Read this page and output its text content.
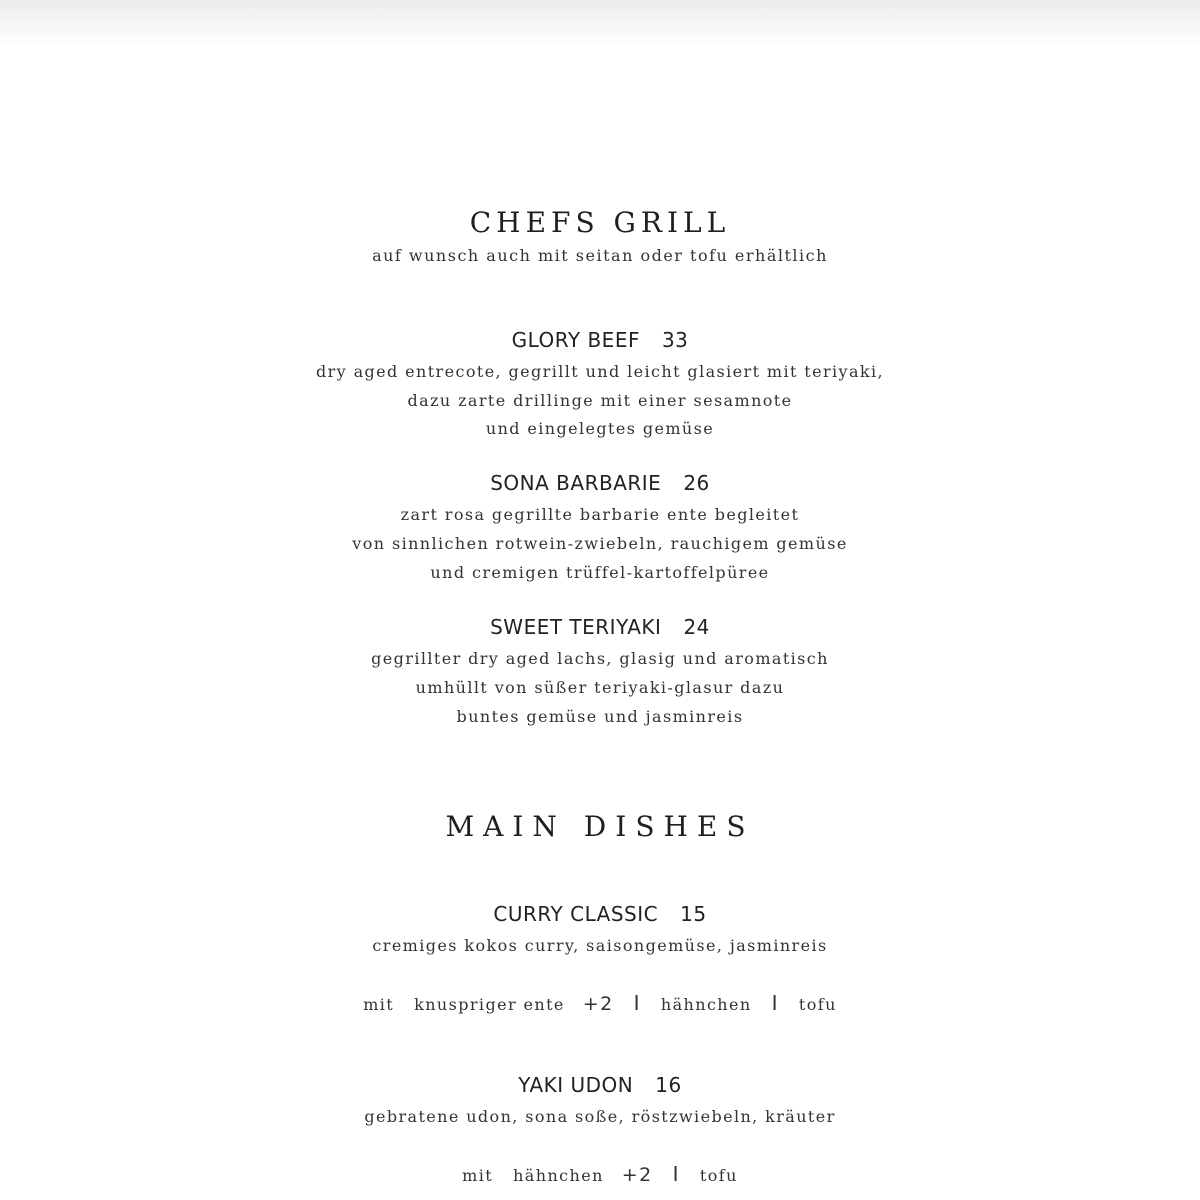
CHEFS GRILL
auf wunsch auch mit seitan oder tofu erhältlich
GLORY BEEF 33
dry aged entrecote, gegrillt und leicht glasiert mit teriyaki,
dazu zarte drillinge mit einer sesamnote
und eingelegtes gemüse
SONA BARBARIE 26
zart rosa gegrillte barbarie ente begleitet
von sinnlichen rotwein-zwiebeln, rauchigem gemüse
und cremigen trüffel-kartoffelpüree
SWEET TERIYAKI 24
gegrillter dry aged lachs, glasig und aromatisch
umhüllt von süßer teriyaki-glasur dazu
buntes gemüse und jasminreis
MAIN DISHES
CURRY CLASSIC 15
cremiges kokos curry, saisongemüse, jasminreis
mit knuspriger ente +2 I hähnchen I tofu
YAKI UDON 16
gebratene udon, sona soße, röstzwiebeln, kräuter
mit hähnchen +2 I tofu
